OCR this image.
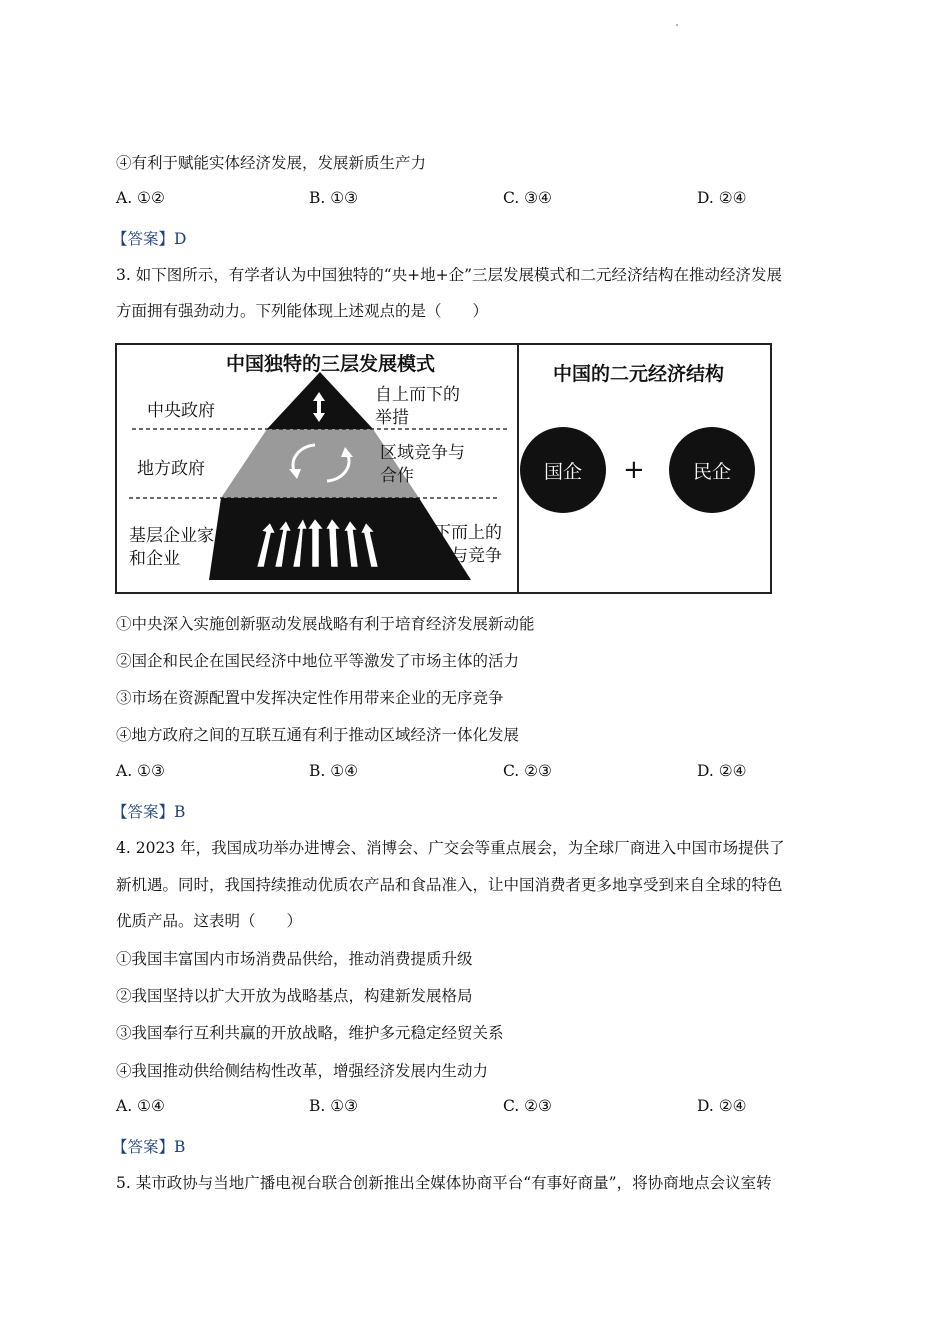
④有利于赋能实体经济发展，发展新质生产力
A. ①②	B. ①③	C. ③④	D. ②④
【答案】D
3. 如下图所示，有学者认为中国独特的“央+地+企”三层发展模式和二元经济结构在推动经济发展
方面拥有强劲动力。下列能体现上述观点的是（　　）
中国独特的三层发展模式
中央政府
地方政府
基层企业家
和企业
自上而下的
举措
区域竞争与
合作
自下而上的
创新与竞争
中国的二元经济结构
国企	+	民企
①中央深入实施创新驱动发展战略有利于培育经济发展新动能
②国企和民企在国民经济中地位平等激发了市场主体的活力
③市场在资源配置中发挥决定性作用带来企业的无序竞争
④地方政府之间的互联互通有利于推动区域经济一体化发展
A. ①③	B. ①④	C. ②③	D. ②④
【答案】B
4. 2023 年，我国成功举办进博会、消博会、广交会等重点展会，为全球厂商进入中国市场提供了
新机遇。同时，我国持续推动优质农产品和食品准入，让中国消费者更多地享受到来自全球的特色
优质产品。这表明（　　）
①我国丰富国内市场消费品供给，推动消费提质升级
②我国坚持以扩大开放为战略基点，构建新发展格局
③我国奉行互利共赢的开放战略，维护多元稳定经贸关系
④我国推动供给侧结构性改革，增强经济发展内生动力
A. ①④	B. ①③	C. ②③	D. ②④
【答案】B
5. 某市政协与当地广播电视台联合创新推出全媒体协商平台“有事好商量”，将协商地点会议室转
